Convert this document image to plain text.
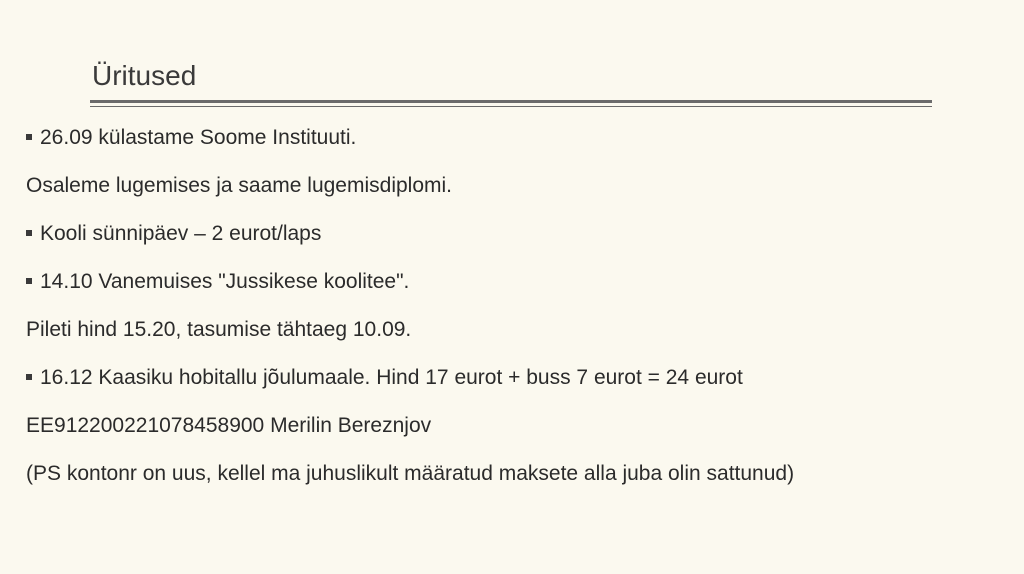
Üritused
26.09 külastame Soome Instituuti.
Osaleme lugemises ja saame lugemisdiplomi.
Kooli sünnipäev – 2 eurot/laps
14.10 Vanemuises "Jussikese koolitee".
Pileti hind 15.20, tasumise tähtaeg 10.09.
16.12 Kaasiku hobitallu jõulumaale. Hind 17 eurot + buss 7 eurot = 24 eurot
EE912200221078458900 Merilin Bereznjov
(PS kontonr on uus, kellel ma juhuslikult määratud maksete alla juba olin sattunud)
